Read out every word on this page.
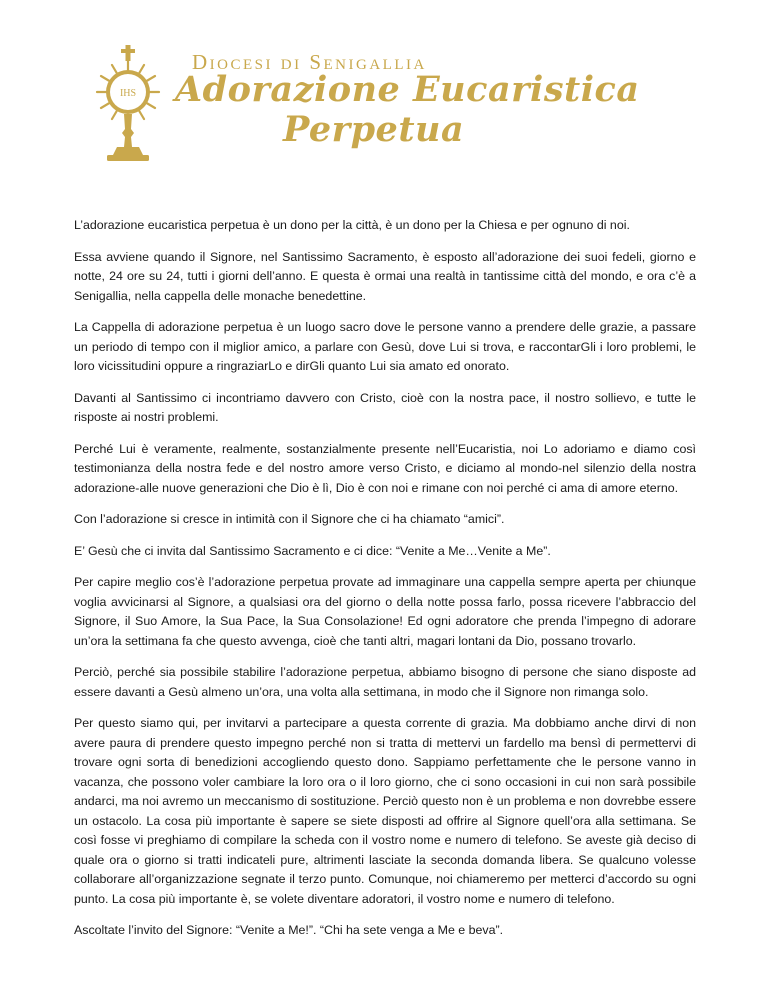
IHS
Diocesi di Senigallia
Adorazione Eucaristica
Perpetua

L’adorazione eucaristica perpetua è un dono per la città, è un dono per la Chiesa e per ognuno di noi.

Essa avviene quando il Signore, nel Santissimo Sacramento, è esposto all’adorazione dei suoi fedeli, giorno e notte, 24 ore su 24, tutti i giorni dell’anno. E questa è ormai una realtà in tantissime città del mondo, e ora c’è a Senigallia, nella cappella delle monache benedettine.

La Cappella di adorazione perpetua è un luogo sacro dove le persone vanno a prendere delle grazie, a passare un periodo di tempo con il miglior amico, a parlare con Gesù, dove Lui si trova, e raccontarGli i loro problemi, le loro vicissitudini oppure a ringraziarLo e dirGli quanto Lui sia amato ed onorato.

Davanti al Santissimo ci incontriamo davvero con Cristo, cioè con la nostra pace, il nostro sollievo, e tutte le risposte ai nostri problemi.

Perché Lui è veramente, realmente, sostanzialmente presente nell’Eucaristia, noi Lo adoriamo e diamo così testimonianza della nostra fede e del nostro amore verso Cristo, e diciamo al mondo-nel silenzio della nostra adorazione-alle nuove generazioni che Dio è lì, Dio è con noi e rimane con noi perché ci ama di amore eterno.

Con l’adorazione si cresce in intimità con il Signore che ci ha chiamato “amici”.

E’ Gesù che ci invita dal Santissimo Sacramento e ci dice: “Venite a Me…Venite a Me”.

Per capire meglio cos’è l’adorazione perpetua provate ad immaginare una cappella sempre aperta per chiunque voglia avvicinarsi al Signore, a qualsiasi ora del giorno o della notte possa farlo, possa ricevere l’abbraccio del Signore, il Suo Amore, la Sua Pace, la Sua Consolazione! Ed ogni adoratore che prenda l’impegno di adorare un’ora la settimana fa che questo avvenga, cioè che tanti altri, magari lontani da Dio, possano trovarlo.

Perciò, perché sia possibile stabilire l’adorazione perpetua, abbiamo bisogno di persone che siano disposte ad essere davanti a Gesù almeno un’ora, una volta alla settimana, in modo che il Signore non rimanga solo.

Per questo siamo qui, per invitarvi a partecipare a questa corrente di grazia. Ma dobbiamo anche dirvi di non avere paura di prendere questo impegno perché non si tratta di mettervi un fardello ma bensì di permettervi di trovare ogni sorta di benedizioni accogliendo questo dono. Sappiamo perfettamente che le persone vanno in vacanza, che possono voler cambiare la loro ora o il loro giorno, che ci sono occasioni in cui non sarà possibile andarci, ma noi avremo un meccanismo di sostituzione. Perciò questo non è un problema e non dovrebbe essere un ostacolo. La cosa più importante è sapere se siete disposti ad offrire al Signore quell’ora alla settimana. Se così fosse vi preghiamo di compilare la scheda con il vostro nome e numero di telefono. Se aveste già deciso di quale ora o giorno si tratti indicateli pure, altrimenti lasciate la seconda domanda libera. Se qualcuno volesse collaborare all’organizzazione segnate il terzo punto. Comunque, noi chiameremo per metterci d’accordo su ogni punto. La cosa più importante è, se volete diventare adoratori, il vostro nome e numero di telefono.

Ascoltate l’invito del Signore: “Venite a Me!”. “Chi ha sete venga a Me e beva”.
